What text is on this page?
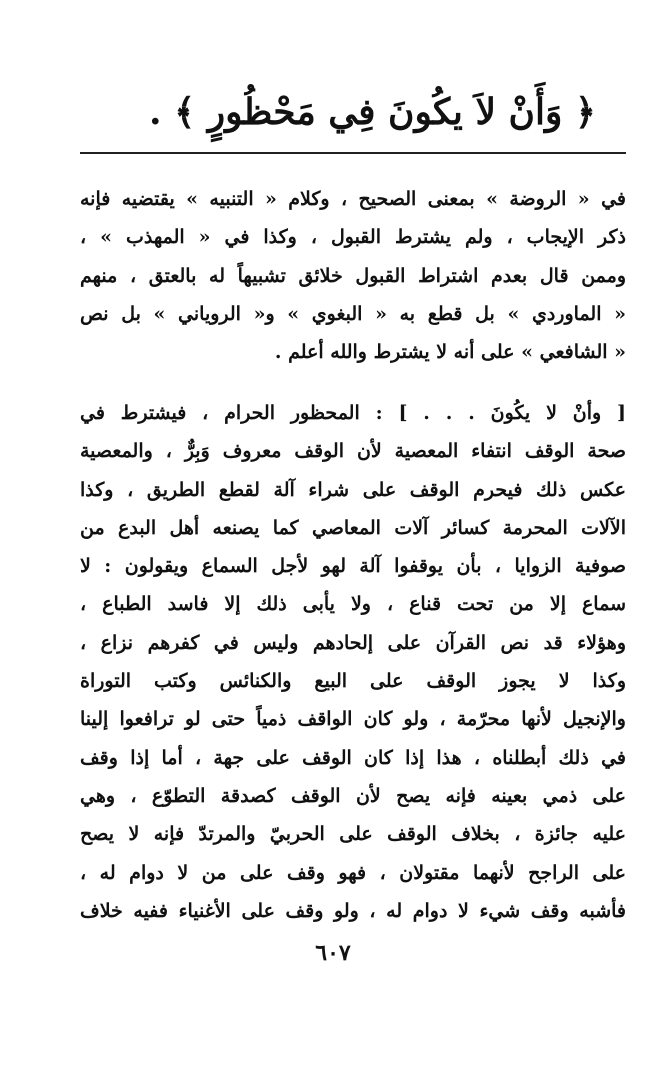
﴿ وَأَنْ لاَ يكُونَ فِي مَحْظُورٍ ﴾ .
في « الروضة » بمعنى الصحيح ، وكلام « التنبيه » يقتضيه فإنه
ذكر الإيجاب ، ولم يشترط القبول ، وكذا في « المهذب » ،
وممن قال بعدم اشتراط القبول خلائق تشبيهاً له بالعتق ، منهم
« الماوردي » بل قطع به « البغوي » و« الروياني » بل نص
« الشافعي » على أنه لا يشترط والله أعلم .
[ وأنْ لا يكُونَ . . . ] : المحظور الحرام ، فيشترط في
صحة الوقف انتفاء المعصية لأن الوقف معروف وَبِرٌّ ، والمعصية
عكس ذلك فيحرم الوقف على شراء آلة لقطع الطريق ، وكذا
الآلات المحرمة كسائر آلات المعاصي كما يصنعه أهل البدع من
صوفية الزوايا ، بأن يوقفوا آلة لهو لأجل السماع ويقولون : لا
سماع إلا من تحت قناع ، ولا يأبى ذلك إلا فاسد الطباع ،
وهؤلاء قد نص القرآن على إلحادهم وليس في كفرهم نزاع ،
وكذا لا يجوز الوقف على البيع والكنائس وكتب التوراة
والإنجيل لأنها محرّمة ، ولو كان الواقف ذمياً حتى لو ترافعوا إلينا
في ذلك أبطلناه ، هذا إذا كان الوقف على جهة ، أما إذا وقف
على ذمي بعينه فإنه يصح لأن الوقف كصدقة التطوّع ، وهي
عليه جائزة ، بخلاف الوقف على الحربيّ والمرتدّ فإنه لا يصح
على الراجح لأنهما مقتولان ، فهو وقف على من لا دوام له ،
فأشبه وقف شيء لا دوام له ، ولو وقف على الأغنياء ففيه خلاف
٦٠٧
